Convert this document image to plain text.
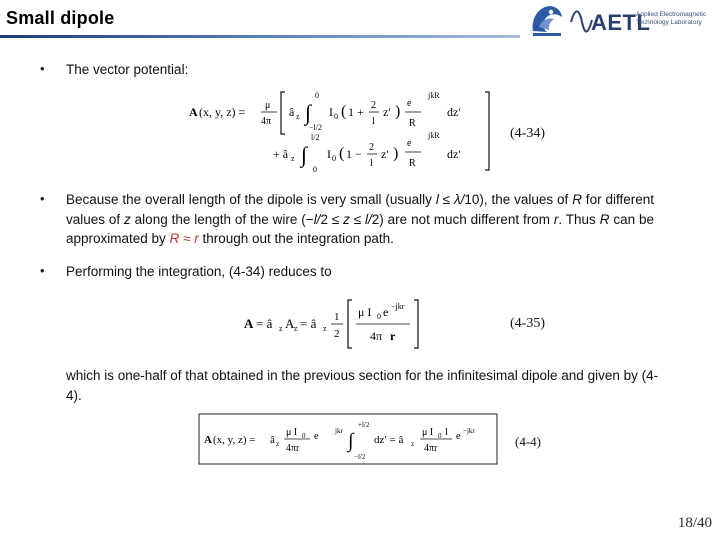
Small dipole	AETL
Applied Electromagnetic
Technology Laboratory
• The vector potential:
A (x, y, z) = μ
4π
â z ∫
0
−l/2
I 0 ( 1 + 2
l
z′ ) e
jkR
R
dz′
+ â z ∫
l/2
0
I 0 ( 1 − 2
l
z′ )
e
jkR
R
dz′
(4-34)
• Because the overall length of the dipole is very small (usually l ≤ λ/10), the values of R for different values of z along the length of the wire (−l/2 ≤ z ≤ l/2) are not much different from r. Thus R can be approximated by R ≈ r through out the integration path.
• Performing the integration, (4-34) reduces to
A = â z A z = â z
1
2
μ I 0 e −jkr
4π r
(4-35)
which is one-half of that obtained in the previous section for the infinitesimal dipole and given by (4-4).
A (x, y, z) = â z
μ I 0
4πr
e jkr ∫
+l/2
−l/2
dz′ = â z
μ I 0 l
4πr
e −jkr
(4-4)
18/40
